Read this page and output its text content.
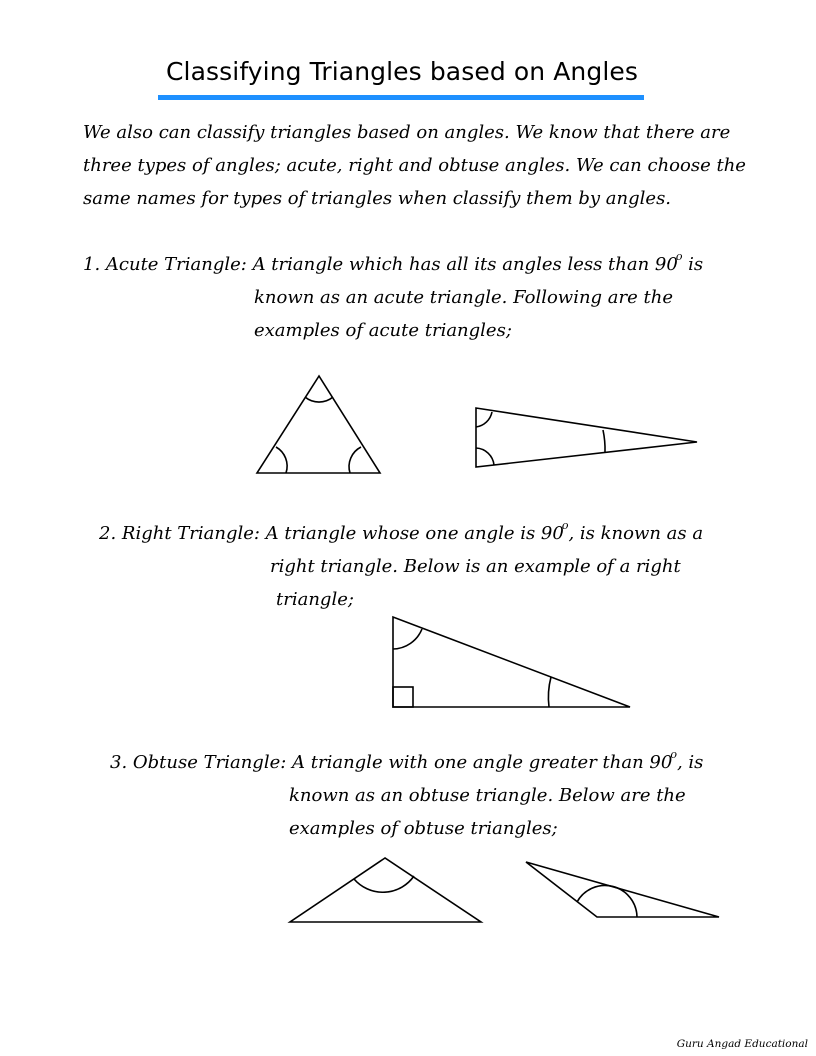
Classifying Triangles based on Angles
We also can classify triangles based on angles. We know that there are
three types of angles; acute, right and obtuse angles. We can choose the
same names for types of triangles when classify them by angles.
1. Acute Triangle: A triangle which has all its angles less than 90$^o$ is
known as an acute triangle. Following are the
examples of acute triangles;
2. Right Triangle: A triangle whose one angle is 90$^o$, is known as a
right triangle. Below is an example of a right
triangle;
3. Obtuse Triangle: A triangle with one angle greater than 90$^o$, is
known as an obtuse triangle. Below are the
examples of obtuse triangles;
Guru Angad Educational
